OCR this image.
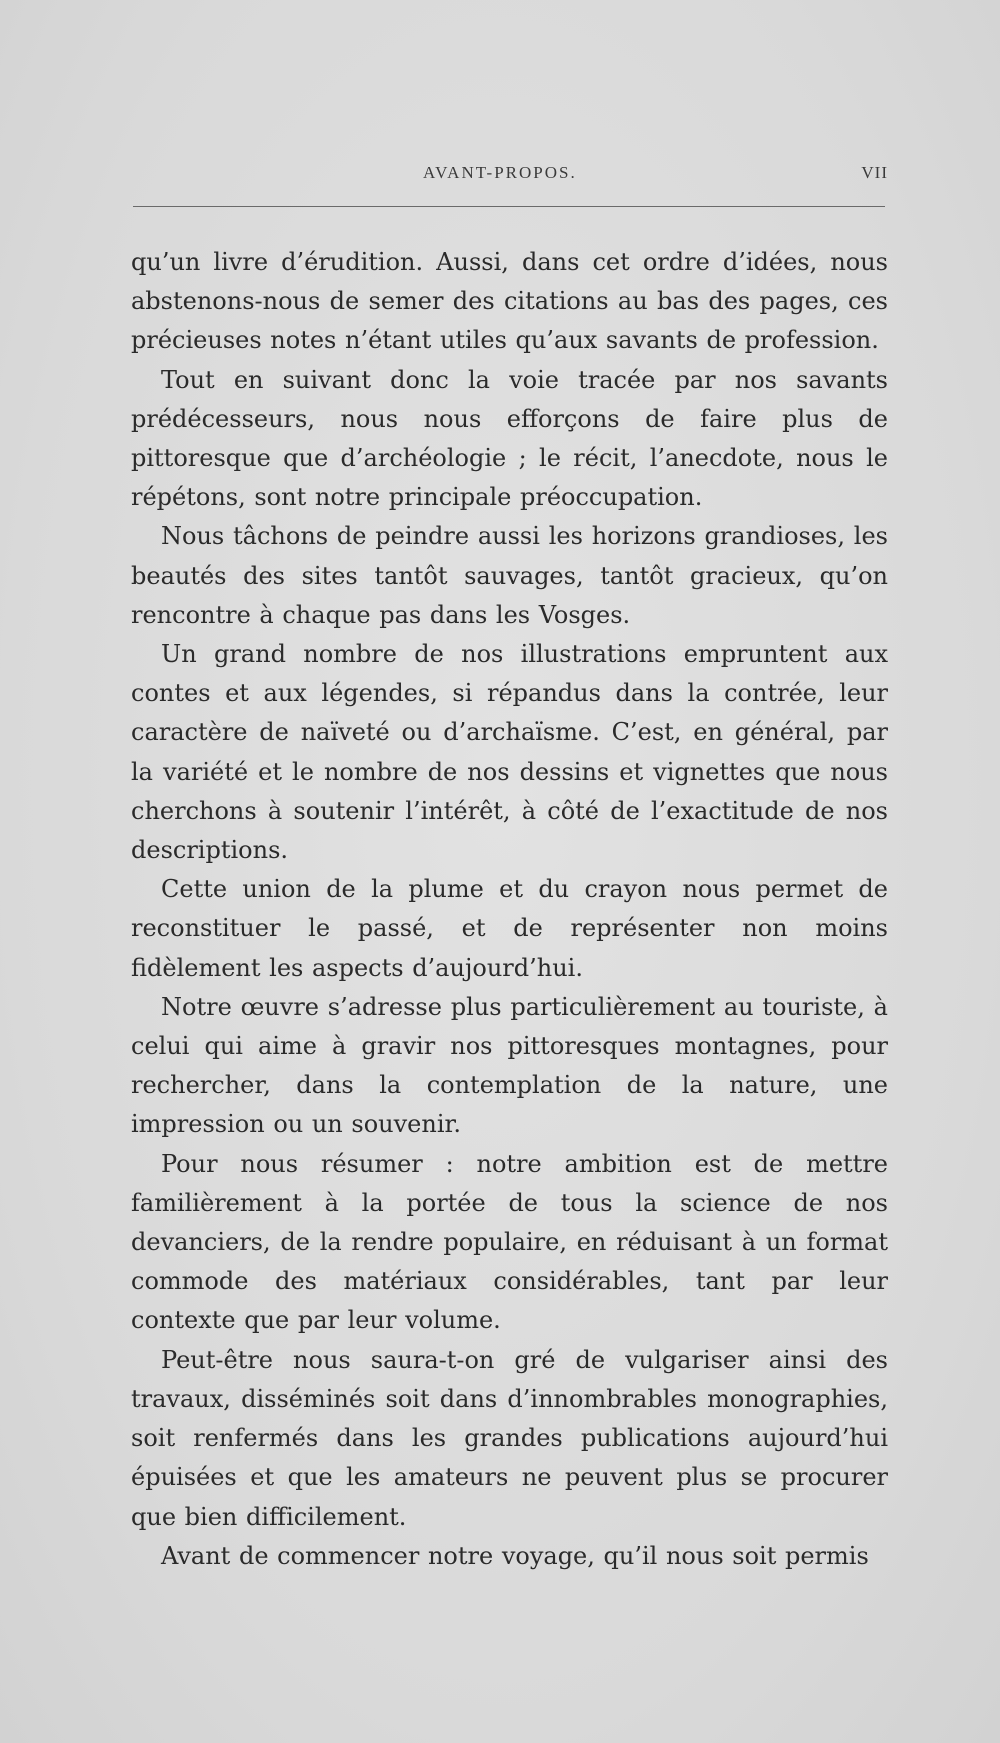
AVANT-PROPOS.	VII

qu’un livre d’érudition. Aussi, dans cet ordre d’idées, nous abstenons-nous de semer des citations au bas des pages, ces précieuses notes n’étant utiles qu’aux savants de profession.

Tout en suivant donc la voie tracée par nos savants prédécesseurs, nous nous efforçons de faire plus de pittoresque que d’archéologie ; le récit, l’anecdote, nous le répétons, sont notre principale préoccupation.

Nous tâchons de peindre aussi les horizons grandioses, les beautés des sites tantôt sauvages, tantôt gracieux, qu’on rencontre à chaque pas dans les Vosges.

Un grand nombre de nos illustrations empruntent aux contes et aux légendes, si répandus dans la contrée, leur caractère de naïveté ou d’archaïsme. C’est, en général, par la variété et le nombre de nos dessins et vignettes que nous cherchons à soutenir l’intérêt, à côté de l’exactitude de nos descriptions.

Cette union de la plume et du crayon nous permet de reconstituer le passé, et de représenter non moins fidèlement les aspects d’aujourd’hui.

Notre œuvre s’adresse plus particulièrement au touriste, à celui qui aime à gravir nos pittoresques montagnes, pour rechercher, dans la contemplation de la nature, une impression ou un souvenir.

Pour nous résumer : notre ambition est de mettre familièrement à la portée de tous la science de nos devanciers, de la rendre populaire, en réduisant à un format commode des matériaux considérables, tant par leur contexte que par leur volume.

Peut-être nous saura-t-on gré de vulgariser ainsi des travaux, disséminés soit dans d’innombrables monographies, soit renfermés dans les grandes publications aujourd’hui épuisées et que les amateurs ne peuvent plus se procurer que bien difficilement.

Avant de commencer notre voyage, qu’il nous soit permis
